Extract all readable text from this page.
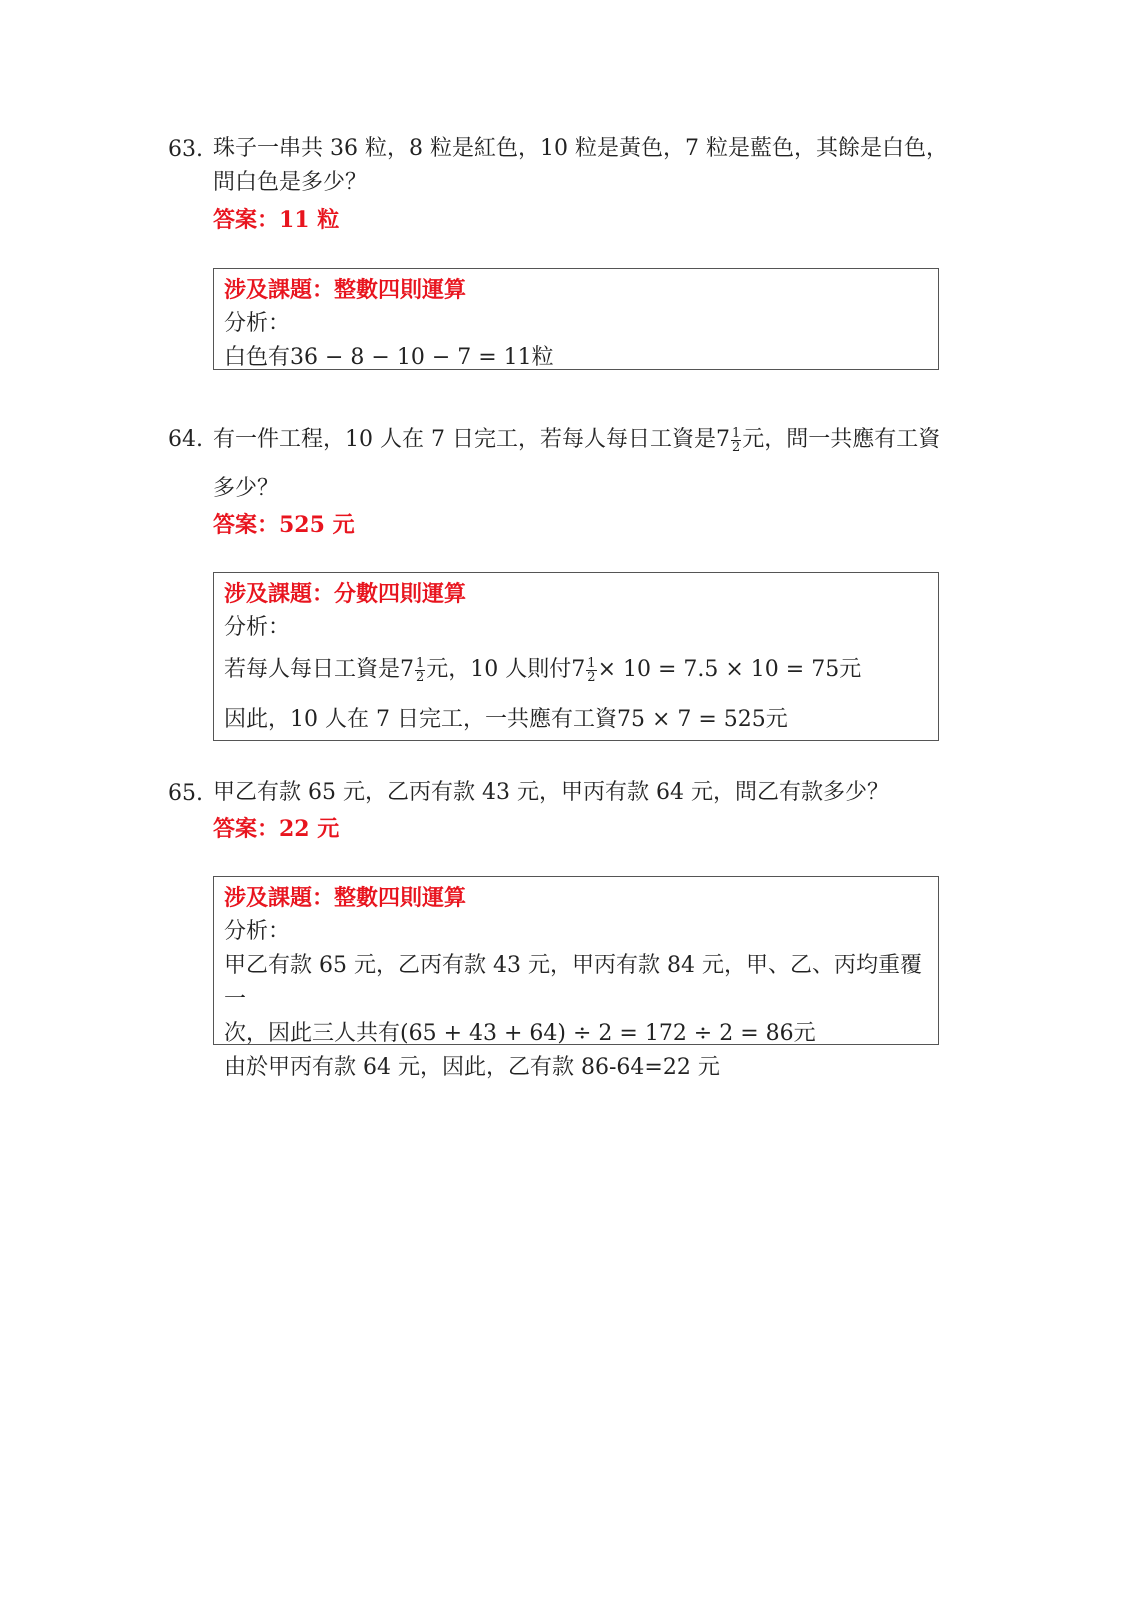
63. 珠子一串共 36 粒，8 粒是紅色，10 粒是黃色，7 粒是藍色，其餘是白色，
問白色是多少？
答案：11 粒
涉及課題：整數四則運算
分析：
白色有36 − 8 − 10 − 7 = 11粒
64. 有一件工程，10 人在 7 日完工，若每人每日工資是$7 \frac{1}{2}$ 元，問一共應有工資
多少？
答案：525 元
涉及課題：分數四則運算
分析：
若每人每日工資是$7 \frac{1}{2}$ 元，10 人則付$7 \frac{1}{2} \times 10 = 7.5 \times 10 = 75$元
因此，10 人在 7 日完工，一共應有工資75 × 7 = 525元
65. 甲乙有款 65 元，乙丙有款 43 元，甲丙有款 64 元，問乙有款多少？
答案：22 元
涉及課題：整數四則運算
分析：
甲乙有款 65 元，乙丙有款 43 元，甲丙有款 84 元，甲、乙、丙均重覆一
次，因此三人共有(65 + 43 + 64) ÷ 2 = 172 ÷ 2 = 86元
由於甲丙有款 64 元，因此，乙有款 86-64=22 元
